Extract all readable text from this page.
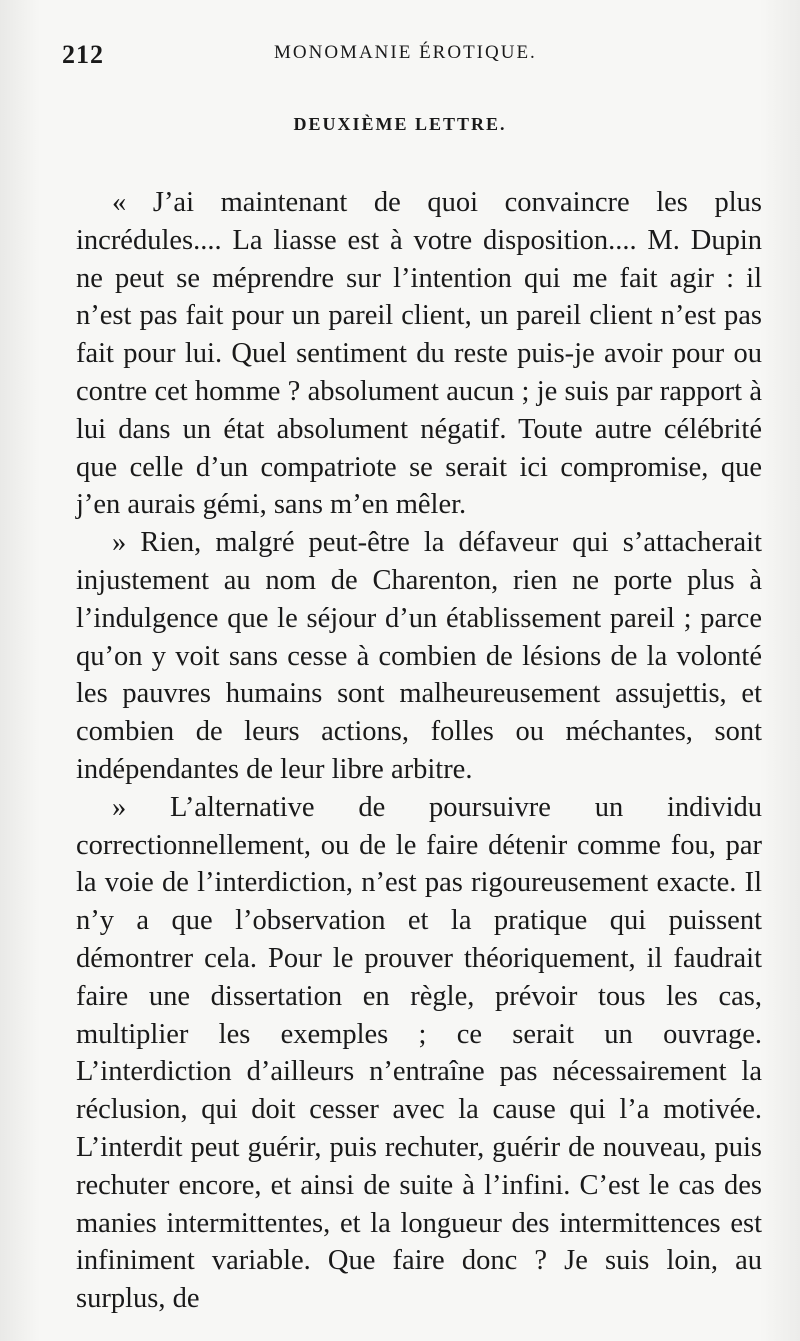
212	MONOMANIE ÉROTIQUE.
DEUXIÈME LETTRE.

« J’ai maintenant de quoi convaincre les plus incrédules.... La liasse est à votre disposition.... M. Dupin ne peut se méprendre sur l’intention qui me fait agir : il n’est pas fait pour un pareil client, un pareil client n’est pas fait pour lui. Quel sentiment du reste puis-je avoir pour ou contre cet homme ? absolument aucun ; je suis par rapport à lui dans un état absolument négatif. Toute autre célébrité que celle d’un compatriote se serait ici compromise, que j’en aurais gémi, sans m’en mêler.

» Rien, malgré peut-être la défaveur qui s’attacherait injustement au nom de Charenton, rien ne porte plus à l’indulgence que le séjour d’un établissement pareil ; parce qu’on y voit sans cesse à combien de lésions de la volonté les pauvres humains sont malheureusement assujettis, et combien de leurs actions, folles ou méchantes, sont indépendantes de leur libre arbitre.

» L’alternative de poursuivre un individu correctionnellement, ou de le faire détenir comme fou, par la voie de l’interdiction, n’est pas rigoureusement exacte. Il n’y a que l’observation et la pratique qui puissent démontrer cela. Pour le prouver théoriquement, il faudrait faire une dissertation en règle, prévoir tous les cas, multiplier les exemples ; ce serait un ouvrage. L’interdiction d’ailleurs n’entraîne pas nécessairement la réclusion, qui doit cesser avec la cause qui l’a motivée. L’interdit peut guérir, puis rechuter, guérir de nouveau, puis rechuter encore, et ainsi de suite à l’infini. C’est le cas des manies intermittentes, et la longueur des intermittences est infiniment variable. Que faire donc ? Je suis loin, au surplus, de
